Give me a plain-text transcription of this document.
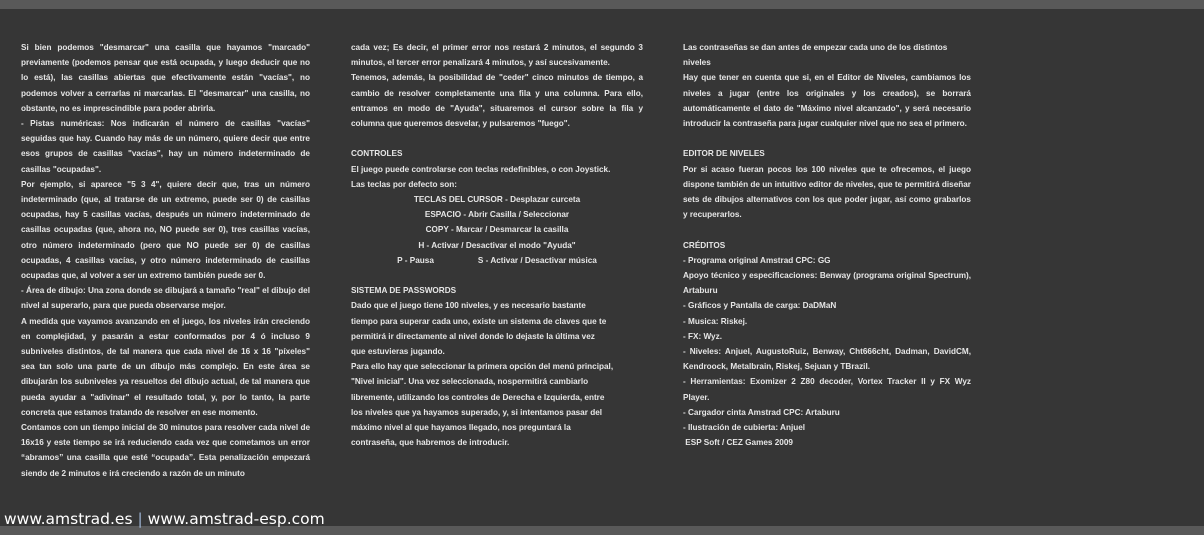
Si bien podemos "desmarcar" una casilla que hayamos "marcado" previamente (podemos pensar que está ocupada, y luego deducir que no lo está), las casillas abiertas que efectivamente están "vacías", no podemos volver a cerrarlas ni marcarlas. El "desmarcar" una casilla, no obstante, no es imprescindible para poder abrirla.

- Pistas numéricas: Nos indicarán el número de casillas "vacías" seguidas que hay. Cuando hay más de un número, quiere decir que entre esos grupos de casillas "vacías", hay un número indeterminado de casillas "ocupadas".

Por ejemplo, si aparece "5 3 4", quiere decir que, tras un número indeterminado (que, al tratarse de un extremo, puede ser 0) de casillas ocupadas, hay 5 casillas vacías, después un número indeterminado de casillas ocupadas (que, ahora no, NO puede ser 0), tres casillas vacías, otro número indeterminado (pero que NO puede ser 0) de casillas ocupadas, 4 casillas vacías, y otro número indeterminado de casillas ocupadas que, al volver a ser un extremo también puede ser 0.

- Área de dibujo: Una zona donde se dibujará a tamaño "real" el dibujo del nivel al superarlo, para que pueda observarse mejor.

A medida que vayamos avanzando en el juego, los niveles irán creciendo en complejidad, y pasarán a estar conformados por 4 ó incluso 9 subniveles distintos, de tal manera que cada nivel de 16 x 16 "píxeles" sea tan solo una parte de un dibujo más complejo. En este área se dibujarán los subniveles ya resueltos del dibujo actual, de tal manera que pueda ayudar a "adivinar" el resultado total, y, por lo tanto, la parte concreta que estamos tratando de resolver en ese momento.

Contamos con un tiempo inicial de 30 minutos para resolver cada nivel de 16x16 y este tiempo se irá reduciendo cada vez que cometamos un error “abramos” una casilla que esté “ocupada”. Esta penalización empezará siendo de 2 minutos e irá creciendo a razón de un minuto

cada vez; Es decir, el primer error nos restará 2 minutos, el segundo 3 minutos, el tercer error penalizará 4 minutos, y así sucesivamente.

Tenemos, además, la posibilidad de "ceder" cinco minutos de tiempo, a cambio de resolver completamente una fila y una columna. Para ello, entramos en modo de "Ayuda", situaremos el cursor sobre la fila y columna que queremos desvelar, y pulsaremos "fuego".

CONTROLES

El juego puede controlarse con teclas redefinibles, o con Joystick.

Las teclas por defecto son:

TECLAS DEL CURSOR - Desplazar curceta

ESPACIO - Abrir Casilla / Seleccionar

COPY - Marcar / Desmarcar la casilla

H - Activar / Desactivar el modo "Ayuda"

P - Pausa	S - Activar / Desactivar música

SISTEMA DE PASSWORDS

Dado que el juego tiene 100 niveles, y es necesario bastante

tiempo para superar cada uno, existe un sistema de claves que te

permitirá ir directamente al nivel donde lo dejaste la última vez

que estuvieras jugando.

Para ello hay que seleccionar la primera opción del menú principal,

"Nivel inicial". Una vez seleccionada, nospermitirá cambiarlo

libremente, utilizando los controles de Derecha e Izquierda, entre

los niveles que ya hayamos superado, y, si intentamos pasar del

máximo nivel al que hayamos llegado, nos preguntará la

contraseña, que habremos de introducir.

Las contraseñas se dan antes de empezar cada uno de los distintos niveles

Hay que tener en cuenta que si, en el Editor de Niveles, cambiamos los niveles a jugar (entre los originales y los creados), se borrará automáticamente el dato de "Máximo nivel alcanzado", y será necesario introducir la contraseña para jugar cualquier nivel que no sea el primero.

EDITOR DE NIVELES

Por si acaso fueran pocos los 100 niveles que te ofrecemos, el juego dispone también de un intuitivo editor de niveles, que te permitirá diseñar sets de dibujos alternativos con los que poder jugar, así como grabarlos y recuperarlos.

CRÉDITOS

- Programa original Amstrad CPC: GG

Apoyo técnico y especificaciones: Benway (programa original Spectrum), Artaburu

- Gráficos y Pantalla de carga: DaDMaN

- Musica: Riskej.

- FX: Wyz.

- Niveles: Anjuel, AugustoRuiz, Benway, Cht666cht, Dadman, DavidCM, Kendroock, Metalbrain, Riskej, Sejuan y TBrazil.

- Herramientas: Exomizer 2 Z80 decoder, Vortex Tracker II y FX Wyz Player.

- Cargador cinta Amstrad CPC: Artaburu

- Ilustración de cubierta: Anjuel

ESP Soft / CEZ Games 2009

www.amstrad.es | www.amstrad-esp.com
